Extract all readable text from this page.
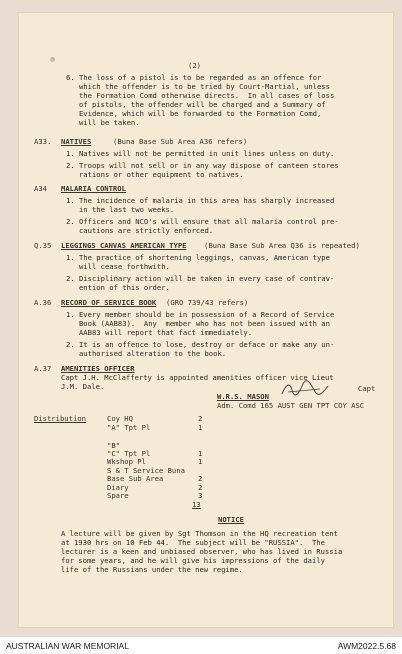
(2)
6. The loss of a pistol is to be regarded as an offence for
which the offender is to be tried by Court-Martial, unless
the Formation Comd otherwise directs.  In all cases of loss
of pistols, the offender will be charged and a Summary of
Evidence, which will be forwarded to the Formation Comd,
will be taken.
A33. NATIVES	(Buna Base Sub Area A36 refers)
1. Natives will not be permitted in unit lines unless on duty.
2. Troops will not sell or in any way dispose of canteen stores
rations or other equipment to natives.
A34 MALARIA CONTROL
1. The incidence of malaria in this area has sharply increased
in the last two weeks.
2. Officers and NCO's will ensure that all malaria control pre-
cautions are strictly enforced.
Q.35 LEGGINGS CANVAS AMERICAN TYPE (Buna Base Sub Area Q36 is repeated)
1. The practice of shortening leggings, canvas, American type
will cease forthwith.
2. Disciplinary action will be taken in every case of contrav-
ention of this order.
A.36 RECORD OF SERVICE BOOK (GRO 739/43 refers)
1. Every member should be in possession of a Record of Service
Book (AAB83).  Any  member who has not been issued with an
AAB83 will report that fact immediately.
2. It is an offence to lose, destroy or deface or make any un-
authorised alteration to the book.
A.37 AMENITIES OFFICER
Capt J.H. McClafferty is appointed amenities officer vice Lieut
J.M. Dale.	Capt
W.R.S. MASON
Adm. Comd 165 AUST GEN TPT COY ASC
Distribution	Coy HQ	2
"A" Tpt Pl	1
"B"
"C" Tpt Pl	1
Wkshop Pl	1
S & T Service Buna
Base Sub Area	2
Diary	2
Spare	3
13
NOTICE
A lecture will be given by Sgt Thomson in the HQ recreation tent
at 1930 hrs on 10 Feb 44.  The subject will be "RUSSIA".  The
lecturer is a keen and unbiased observer, who has lived in Russia
for some years, and he will give his impressions of the daily
life of the Russians under the new regime.
AUSTRALIAN WAR MEMORIAL	AWM2022.5.68
